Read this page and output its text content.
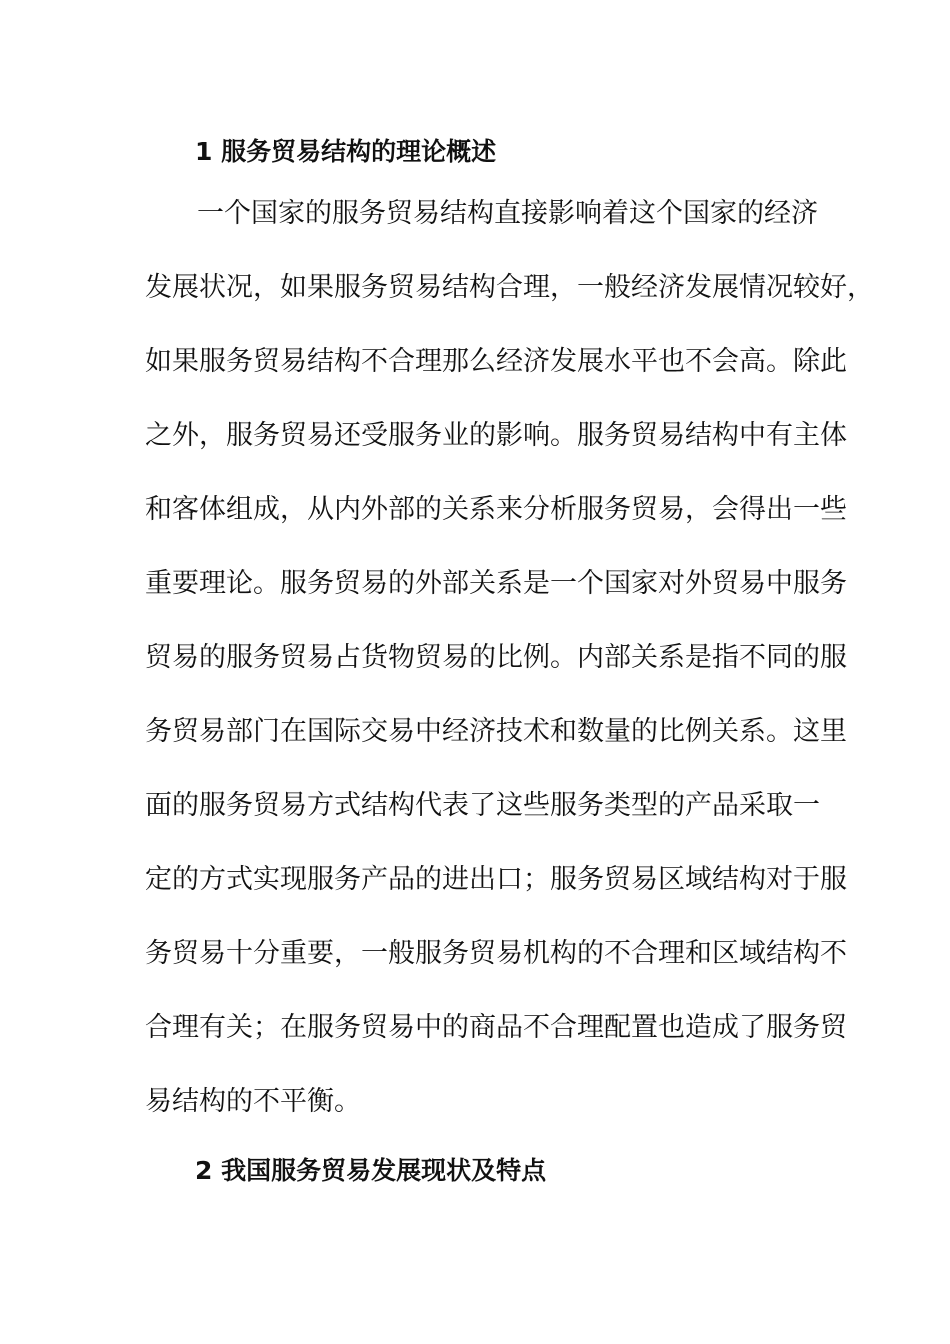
1 服务贸易结构的理论概述
一个国家的服务贸易结构直接影响着这个国家的经济
发展状况，如果服务贸易结构合理，一般经济发展情况较好，
如果服务贸易结构不合理那么经济发展水平也不会高。除此
之外，服务贸易还受服务业的影响。服务贸易结构中有主体
和客体组成，从内外部的关系来分析服务贸易，会得出一些
重要理论。服务贸易的外部关系是一个国家对外贸易中服务
贸易的服务贸易占货物贸易的比例。内部关系是指不同的服
务贸易部门在国际交易中经济技术和数量的比例关系。这里
面的服务贸易方式结构代表了这些服务类型的产品采取一
定的方式实现服务产品的进出口；服务贸易区域结构对于服
务贸易十分重要，一般服务贸易机构的不合理和区域结构不
合理有关；在服务贸易中的商品不合理配置也造成了服务贸
易结构的不平衡。
2 我国服务贸易发展现状及特点
